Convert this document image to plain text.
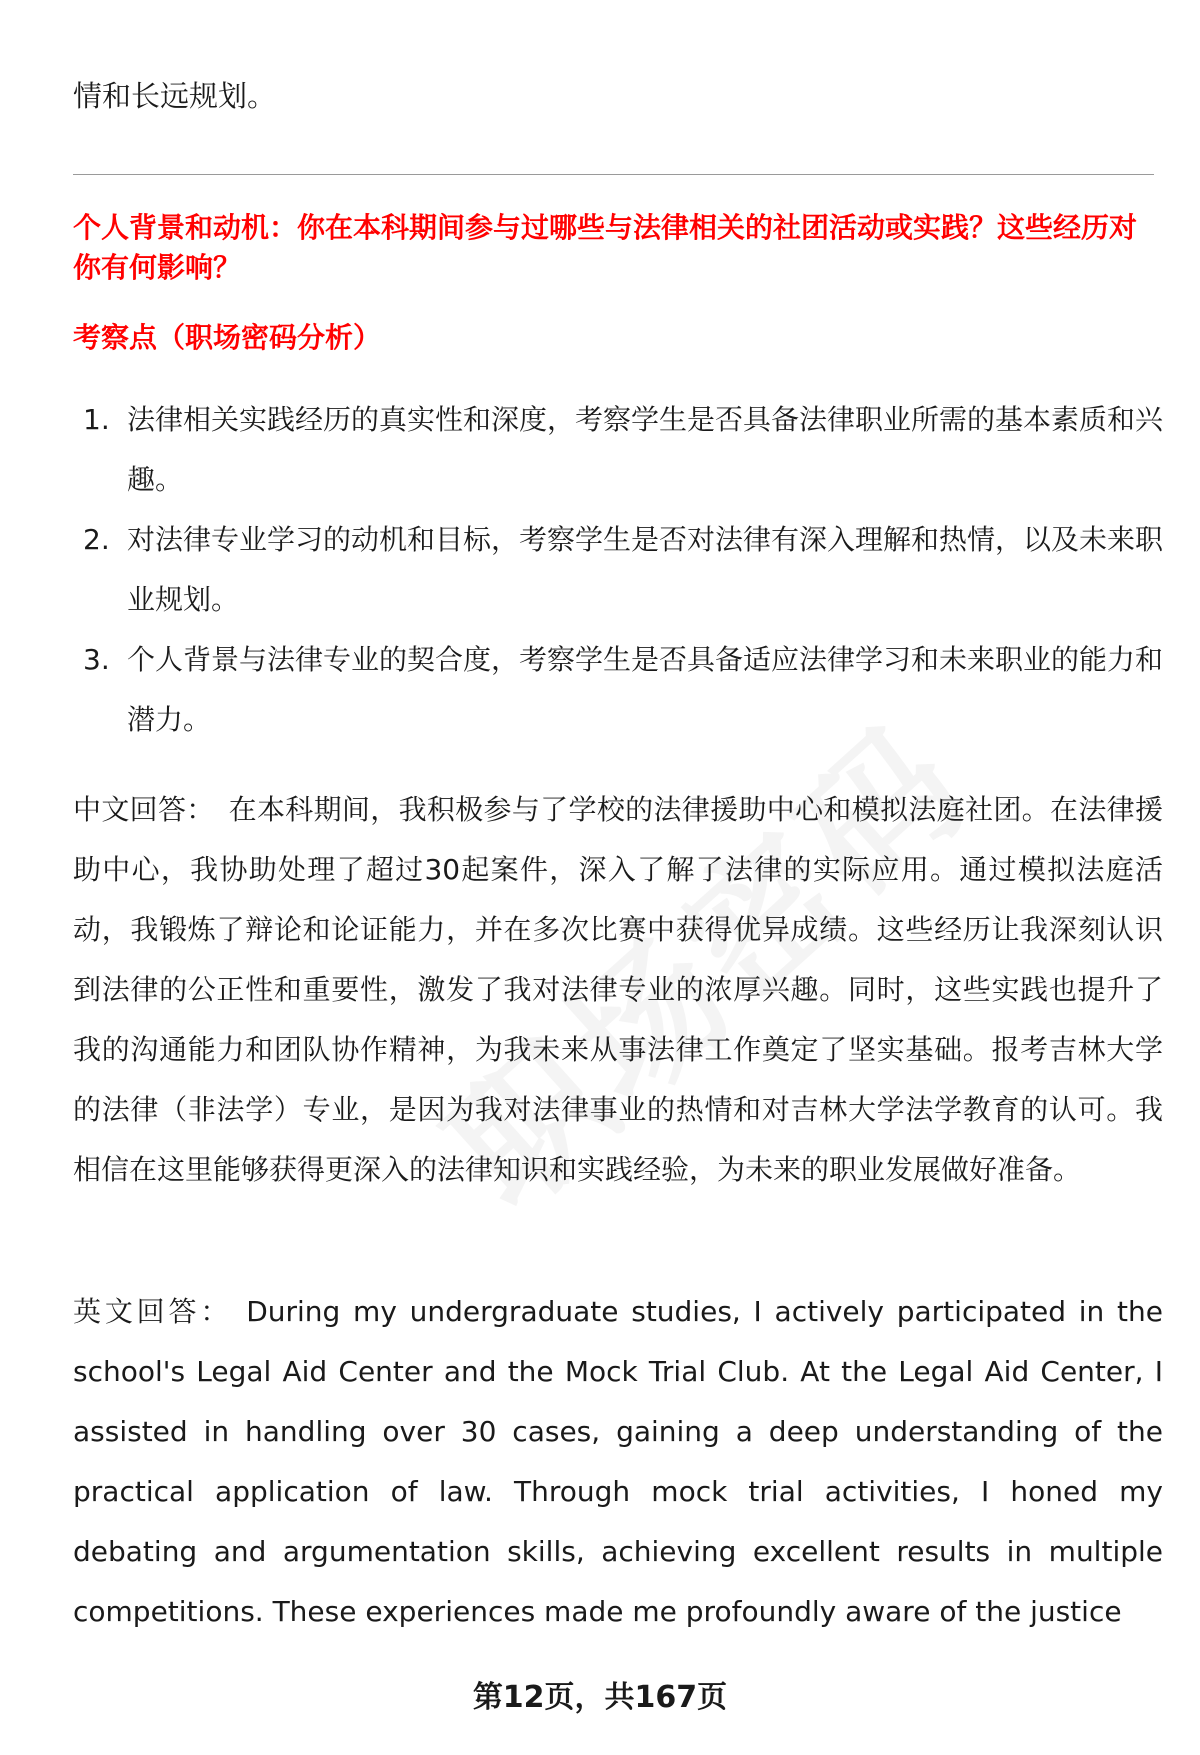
情和长远规划。
个人背景和动机：你在本科期间参与过哪些与法律相关的社团活动或实践？这些经历对你有何影响？
考察点（职场密码分析）
1. 法律相关实践经历的真实性和深度，考察学生是否具备法律职业所需的基本素质和兴趣。
2. 对法律专业学习的动机和目标，考察学生是否对法律有深入理解和热情，以及未来职业规划。
3. 个人背景与法律专业的契合度，考察学生是否具备适应法律学习和未来职业的能力和潜力。
中文回答： 在本科期间，我积极参与了学校的法律援助中心和模拟法庭社团。在法律援助中心，我协助处理了超过30起案件，深入了解了法律的实际应用。通过模拟法庭活动，我锻炼了辩论和论证能力，并在多次比赛中获得优异成绩。这些经历让我深刻认识到法律的公正性和重要性，激发了我对法律专业的浓厚兴趣。同时，这些实践也提升了我的沟通能力和团队协作精神，为我未来从事法律工作奠定了坚实基础。报考吉林大学的法律（非法学）专业，是因为我对法律事业的热情和对吉林大学法学教育的认可。我相信在这里能够获得更深入的法律知识和实践经验，为未来的职业发展做好准备。
英文回答： During my undergraduate studies, I actively participated in the school's Legal Aid Center and the Mock Trial Club. At the Legal Aid Center, I assisted in handling over 30 cases, gaining a deep understanding of the practical application of law. Through mock trial activities, I honed my debating and argumentation skills, achieving excellent results in multiple competitions. These experiences made me profoundly aware of the justice
第12页，共167页
